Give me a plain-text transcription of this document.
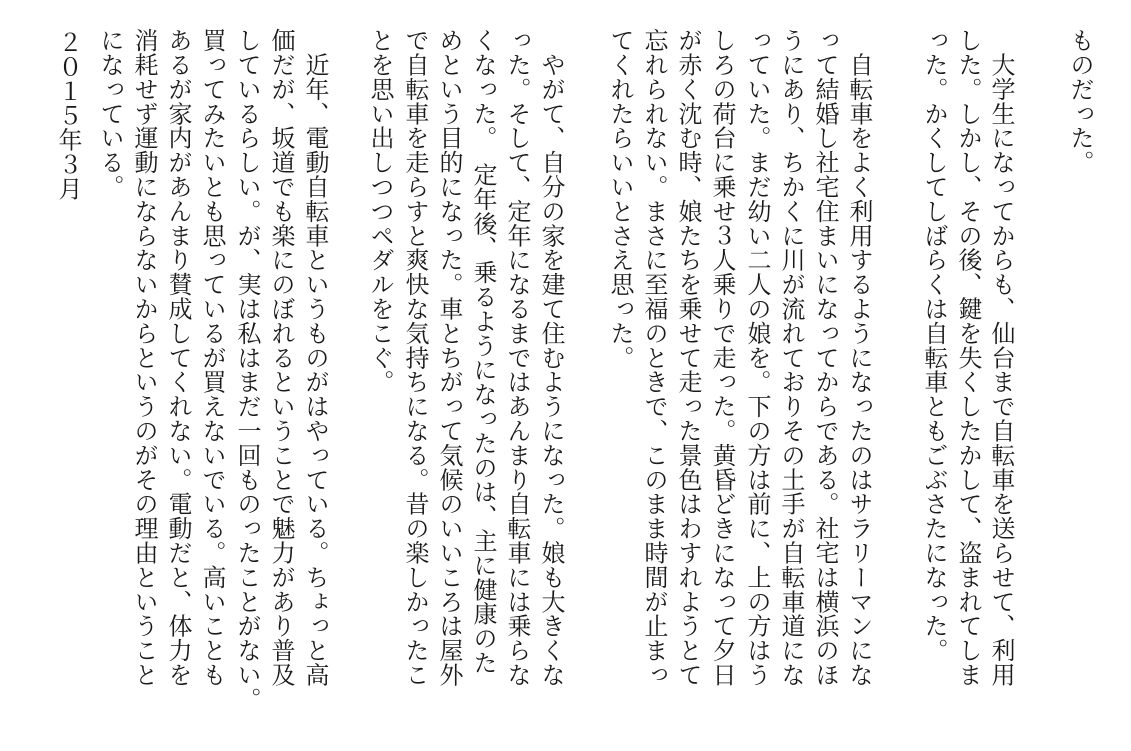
ものだった。
　大学生になってからも、仙台まで自転車を送らせて、利用
した。しかし、その後、鍵を失くしたかして、盗まれてしま
った。かくしてしばらくは自転車ともごぶさたになった。
　自転車をよく利用するようになったのはサラリーマンにな
って結婚し社宅住まいになってからである。社宅は横浜のほ
うにあり、ちかくに川が流れておりその土手が自転車道にな
っていた。まだ幼い二人の娘を。下の方は前に、上の方はう
しろの荷台に乗せ３人乗りで走った。黄昏どきになって夕日
が赤く沈む時、娘たちを乗せて走った景色はわすれようとて
忘れられない。まさに至福のときで、このまま時間が止まっ
てくれたらいいとさえ思った。
　やがて、自分の家を建て住むようになった。娘も大きくな
った。そして、定年になるまではあんまり自転車には乗らな
くなった。　定年後、乗るようになったのは、主に健康のた
めという目的になった。車とちがって気候のいいころは屋外
で自転車を走らすと爽快な気持ちになる。昔の楽しかったこ
とを思い出しつつペダルをこぐ。
　近年、電動自転車というものがはやっている。ちょっと高
価だが、坂道でも楽にのぼれるということで魅力があり普及
しているらしい。が、実は私はまだ一回ものったことがない。
買ってみたいとも思っているが買えないでいる。高いことも
あるが家内があんまり賛成してくれない。電動だと、体力を
消耗せず運動にならないからというのがその理由ということ
になっている。
２０１５年３月
